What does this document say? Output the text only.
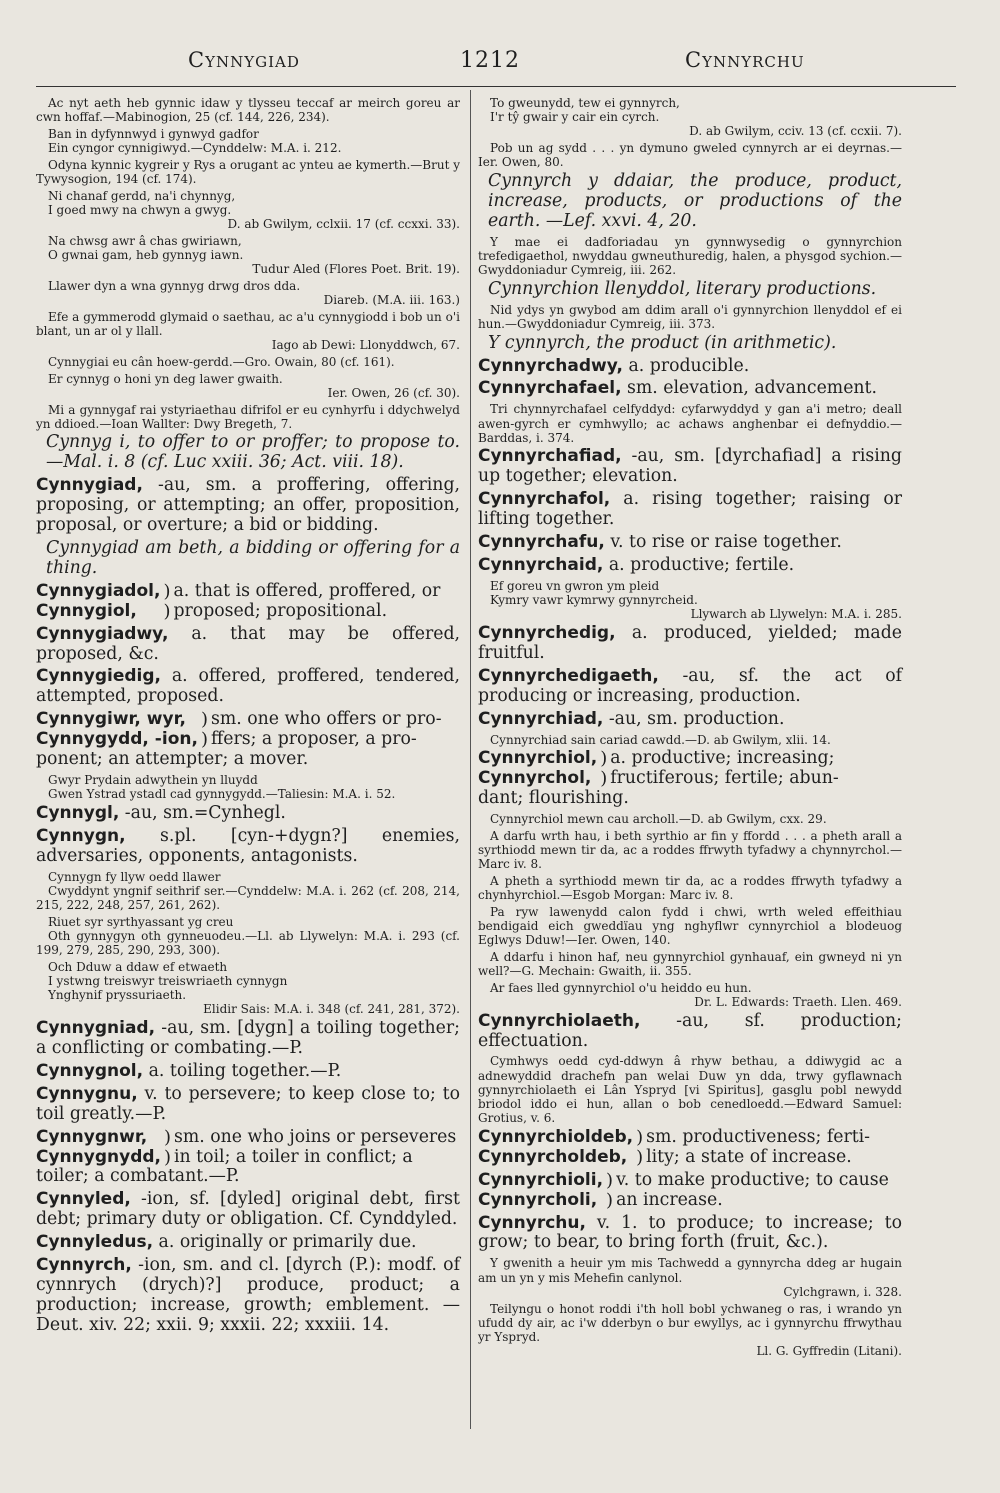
Cynnygiad	1212	Cynnyrchu
Ac nyt aeth heb gynnic idaw y tlysseu teccaf ar meirch goreu ar cwn hoffaf.—Mabinogion, 25 (cf. 144, 226, 234).
Ban in dyfynnwyd i gynwyd gadfor
Ein cyngor cynnigiwyd.—Cynddelw: M.A. i. 212.
Odyna kynnic kygreir y Rys a orugant ac ynteu ae kymerth.—Brut y Tywysogion, 194 (cf. 174).
Ni chanaf gerdd, na'i chynnyg,
I goed mwy na chwyn a gwyg.
D. ab Gwilym, cclxii. 17 (cf. ccxxi. 33).
Na chwsg awr â chas gwiriawn,
O gwnai gam, heb gynnyg iawn.
Tudur Aled (Flores Poet. Brit. 19).
Llawer dyn a wna gynnyg drwg dros dda.
Diareb. (M.A. iii. 163.)
Efe a gymmerodd glymaid o saethau, ac a'u cynnygiodd i bob un o'i blant, un ar ol y llall.
Iago ab Dewi: Llonyddwch, 67.
Cynnygiai eu cân hoew-gerdd.—Gro. Owain, 80 (cf. 161).
Er cynnyg o honi yn deg lawer gwaith.
Ier. Owen, 26 (cf. 30).
Mi a gynnygaf rai ystyriaethau difrifol er eu cynhyrfu i ddychwelyd yn ddioed.—Ioan Wallter: Dwy Bregeth, 7.
Cynnyg i, to offer to or proffer; to propose to. —Mal. i. 8 (cf. Luc xxiii. 36; Act. viii. 18).
Cynnygiad, -au, sm. a proffering, offering, proposing, or attempting; an offer, proposition, proposal, or overture; a bid or bidding.
Cynnygiad am beth, a bidding or offering for a thing.
Cynnygiadol,
Cynnygiol,
)
)
a. that is offered, proffered, or
proposed; propositional.
Cynnygiadwy, a. that may be offered, proposed, &c.
Cynnygiedig, a. offered, proffered, tendered, attempted, proposed.
Cynnygiwr, wyr,
Cynnygydd, -ion,
)
)
sm. one who offers or pro-
ffers; a proposer, a pro-
ponent; an attempter; a mover.
Gwyr Prydain adwythein yn lluydd
Gwen Ystrad ystadl cad gynnygydd.—Taliesin: M.A. i. 52.
Cynnygl, -au, sm.=Cynhegl.
Cynnygn, s.pl. [cyn-+dygn?] enemies, adversaries, opponents, antagonists.
Cynnygn fy llyw oedd llawer
Cwyddynt yngnif seithrif ser.—Cynddelw: M.A. i. 262 (cf. 208, 214, 215, 222, 248, 257, 261, 262).
Riuet syr syrthyassant yg creu
Oth gynnygyn oth gynneuodeu.—Ll. ab Llywelyn: M.A. i. 293 (cf. 199, 279, 285, 290, 293, 300).
Och Dduw a ddaw ef etwaeth
I ystwng treiswyr treiswriaeth cynnygn
Ynghynif pryssuriaeth.
Elidir Sais: M.A. i. 348 (cf. 241, 281, 372).
Cynnygniad, -au, sm. [dygn] a toiling together; a conflicting or combating.—P.
Cynnygnol, a. toiling together.—P.
Cynnygnu, v. to persevere; to keep close to; to toil greatly.—P.
Cynnygnwr,
Cynnygnydd,
)
)
sm. one who joins or perseveres
in toil; a toiler in conflict; a
toiler; a combatant.—P.
Cynnyled, -ion, sf. [dyled] original debt, first debt; primary duty or obligation. Cf. Cynddyled.
Cynnyledus, a. originally or primarily due.
Cynnyrch, -ion, sm. and cl. [dyrch (P.): modf. of cynnrych (drych)?] produce, product; a production; increase, growth; emblement. —Deut. xiv. 22; xxii. 9; xxxii. 22; xxxiii. 14.
To gweunydd, tew ei gynnyrch,
I'r tŷ gwair y cair ein cyrch.
D. ab Gwilym, cciv. 13 (cf. ccxii. 7).
Pob un ag sydd . . . yn dymuno gweled cynnyrch ar ei deyrnas.—Ier. Owen, 80.
Cynnyrch y ddaiar, the produce, product, increase, products, or productions of the earth. —Lef. xxvi. 4, 20.
Y mae ei dadforiadau yn gynnwysedig o gynnyrchion trefedigaethol, nwyddau gwneuthuredig, halen, a physgod sychion.—Gwyddoniadur Cymreig, iii. 262.
Cynnyrchion llenyddol, literary productions.
Nid ydys yn gwybod am ddim arall o'i gynnyrchion llenyddol ef ei hun.—Gwyddoniadur Cymreig, iii. 373.
Y cynnyrch, the product (in arithmetic).
Cynnyrchadwy, a. producible.
Cynnyrchafael, sm. elevation, advancement.
Tri chynnyrchafael celfyddyd: cyfarwyddyd y gan a'i metro; deall awen-gyrch er cymhwyllo; ac achaws anghenbar ei defnyddio.—Barddas, i. 374.
Cynnyrchafiad, -au, sm. [dyrchafiad] a rising up together; elevation.
Cynnyrchafol, a. rising together; raising or lifting together.
Cynnyrchafu, v. to rise or raise together.
Cynnyrchaid, a. productive; fertile.
Ef goreu vn gwron ym pleid
Kymry vawr kymrwy gynnyrcheid.
Llywarch ab Llywelyn: M.A. i. 285.
Cynnyrchedig, a. produced, yielded; made fruitful.
Cynnyrchedigaeth, -au, sf. the act of producing or increasing, production.
Cynnyrchiad, -au, sm. production.
Cynnyrchiad sain cariad cawdd.—D. ab Gwilym, xlii. 14.
Cynnyrchiol,
Cynnyrchol,
)
)
a. productive; increasing;
fructiferous; fertile; abun-
dant; flourishing.
Cynnyrchiol mewn cau archoll.—D. ab Gwilym, cxx. 29.
A darfu wrth hau, i beth syrthio ar fin y ffordd . . . a pheth arall a syrthiodd mewn tir da, ac a roddes ffrwyth tyfadwy a chynnyrchol.—Marc iv. 8.
A pheth a syrthiodd mewn tir da, ac a roddes ffrwyth tyfadwy a chynhyrchiol.—Esgob Morgan: Marc iv. 8.
Pa ryw lawenydd calon fydd i chwi, wrth weled effeithiau bendigaid eich gweddïau yng nghyflwr cynnyrchiol a blodeuog Eglwys Dduw!—Ier. Owen, 140.
A ddarfu i hinon haf, neu gynnyrchiol gynhauaf, ein gwneyd ni yn well?—G. Mechain: Gwaith, ii. 355.
Ar faes lled gynnyrchiol o'u heiddo eu hun.
Dr. L. Edwards: Traeth. Llen. 469.
Cynnyrchiolaeth, -au, sf. production; effectuation.
Cymhwys oedd cyd-ddwyn â rhyw bethau, a ddiwygid ac a adnewyddid drachefn pan welai Duw yn dda, trwy gyflawnach gynnyrchiolaeth ei Lân Yspryd [vi Spiritus], gasglu pobl newydd briodol iddo ei hun, allan o bob cenedloedd.—Edward Samuel: Grotius, v. 6.
Cynnyrchioldeb,
Cynnyrcholdeb,
)
)
sm. productiveness; ferti-
lity; a state of increase.
Cynnyrchioli,
Cynnyrcholi,
)
)
v. to make productive; to cause
an increase.
Cynnyrchu, v. 1. to produce; to increase; to grow; to bear, to bring forth (fruit, &c.).
Y gwenith a heuir ym mis Tachwedd a gynnyrcha ddeg ar hugain am un yn y mis Mehefin canlynol.
Cylchgrawn, i. 328.
Teilyngu o honot roddi i'th holl bobl ychwaneg o ras, i wrando yn ufudd dy air, ac i'w dderbyn o bur ewyllys, ac i gynnyrchu ffrwythau yr Yspryd.
Ll. G. Gyffredin (Litani).
